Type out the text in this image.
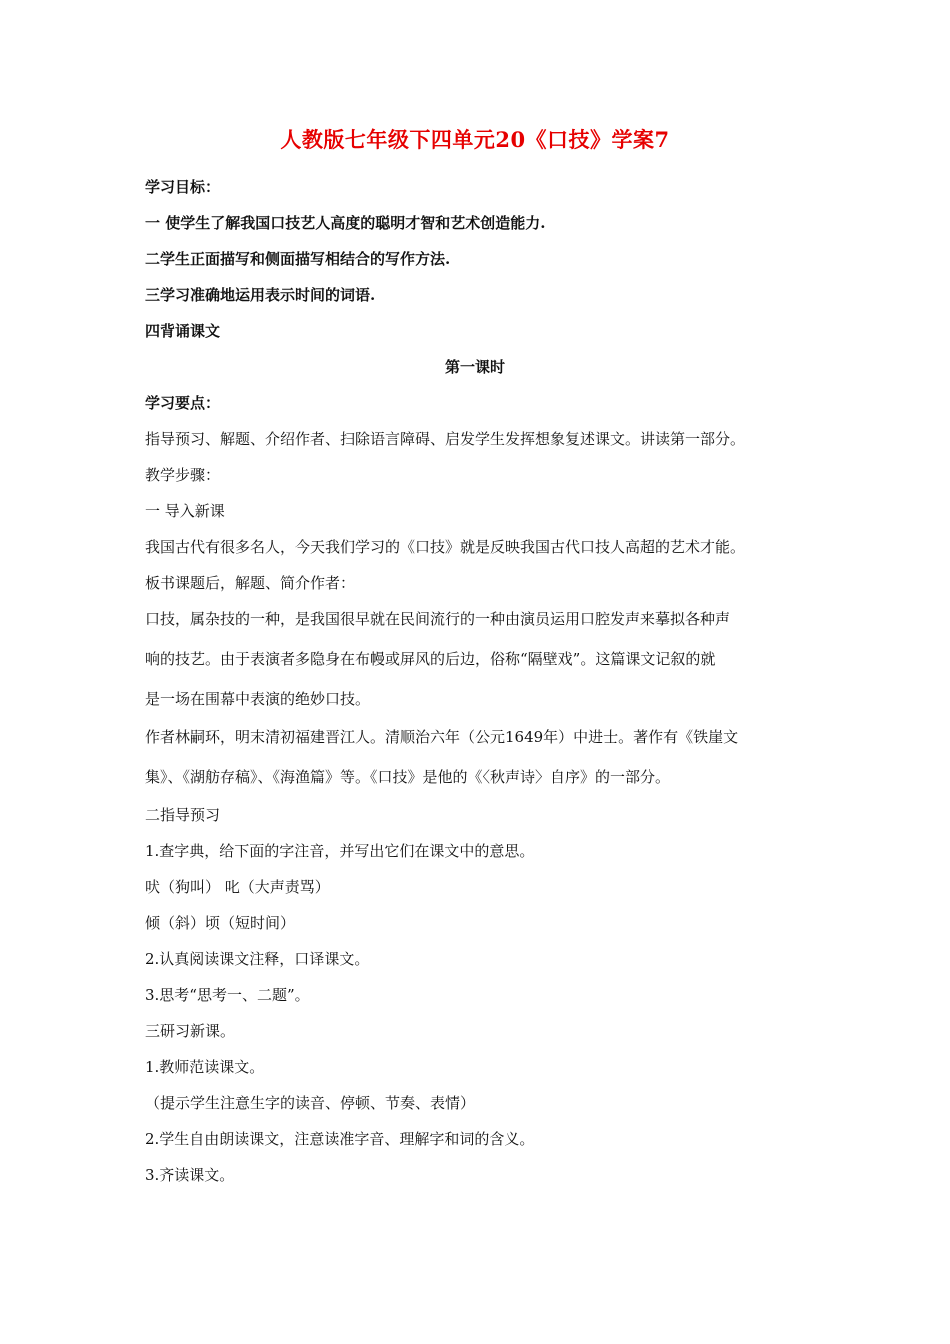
人教版七年级下四单元20《口技》学案7
学习目标：
一 使学生了解我国口技艺人高度的聪明才智和艺术创造能力.
二学生正面描写和侧面描写相结合的写作方法.
三学习准确地运用表示时间的词语.
四背诵课文
第一课时
学习要点：
指导预习、解题、介绍作者、扫除语言障碍、启发学生发挥想象复述课文。讲读第一部分。
教学步骤：
一 导入新课
我国古代有很多名人，今天我们学习的《口技》就是反映我国古代口技人高超的艺术才能。
板书课题后，解题、简介作者：
口技，属杂技的一种，是我国很早就在民间流行的一种由演员运用口腔发声来摹拟各种声
响的技艺。由于表演者多隐身在布幔或屏风的后边，俗称“隔壁戏”。这篇课文记叙的就
是一场在围幕中表演的绝妙口技。
作者林嗣环，明末清初福建晋江人。清顺治六年（公元1649年）中进士。著作有《铁崖文
集》、《湖舫存稿》、《海渔篇》等。《口技》是他的《〈秋声诗〉自序》的一部分。
二指导预习
1.查字典，给下面的字注音，并写出它们在课文中的意思。
吠（狗叫） 叱（大声责骂）
倾（斜）顷（短时间）
2.认真阅读课文注释，口译课文。
3.思考“思考一、二题”。
三研习新课。
1.教师范读课文。
（提示学生注意生字的读音、停顿、节奏、表情）
2.学生自由朗读课文，注意读准字音、理解字和词的含义。
3.齐读课文。
